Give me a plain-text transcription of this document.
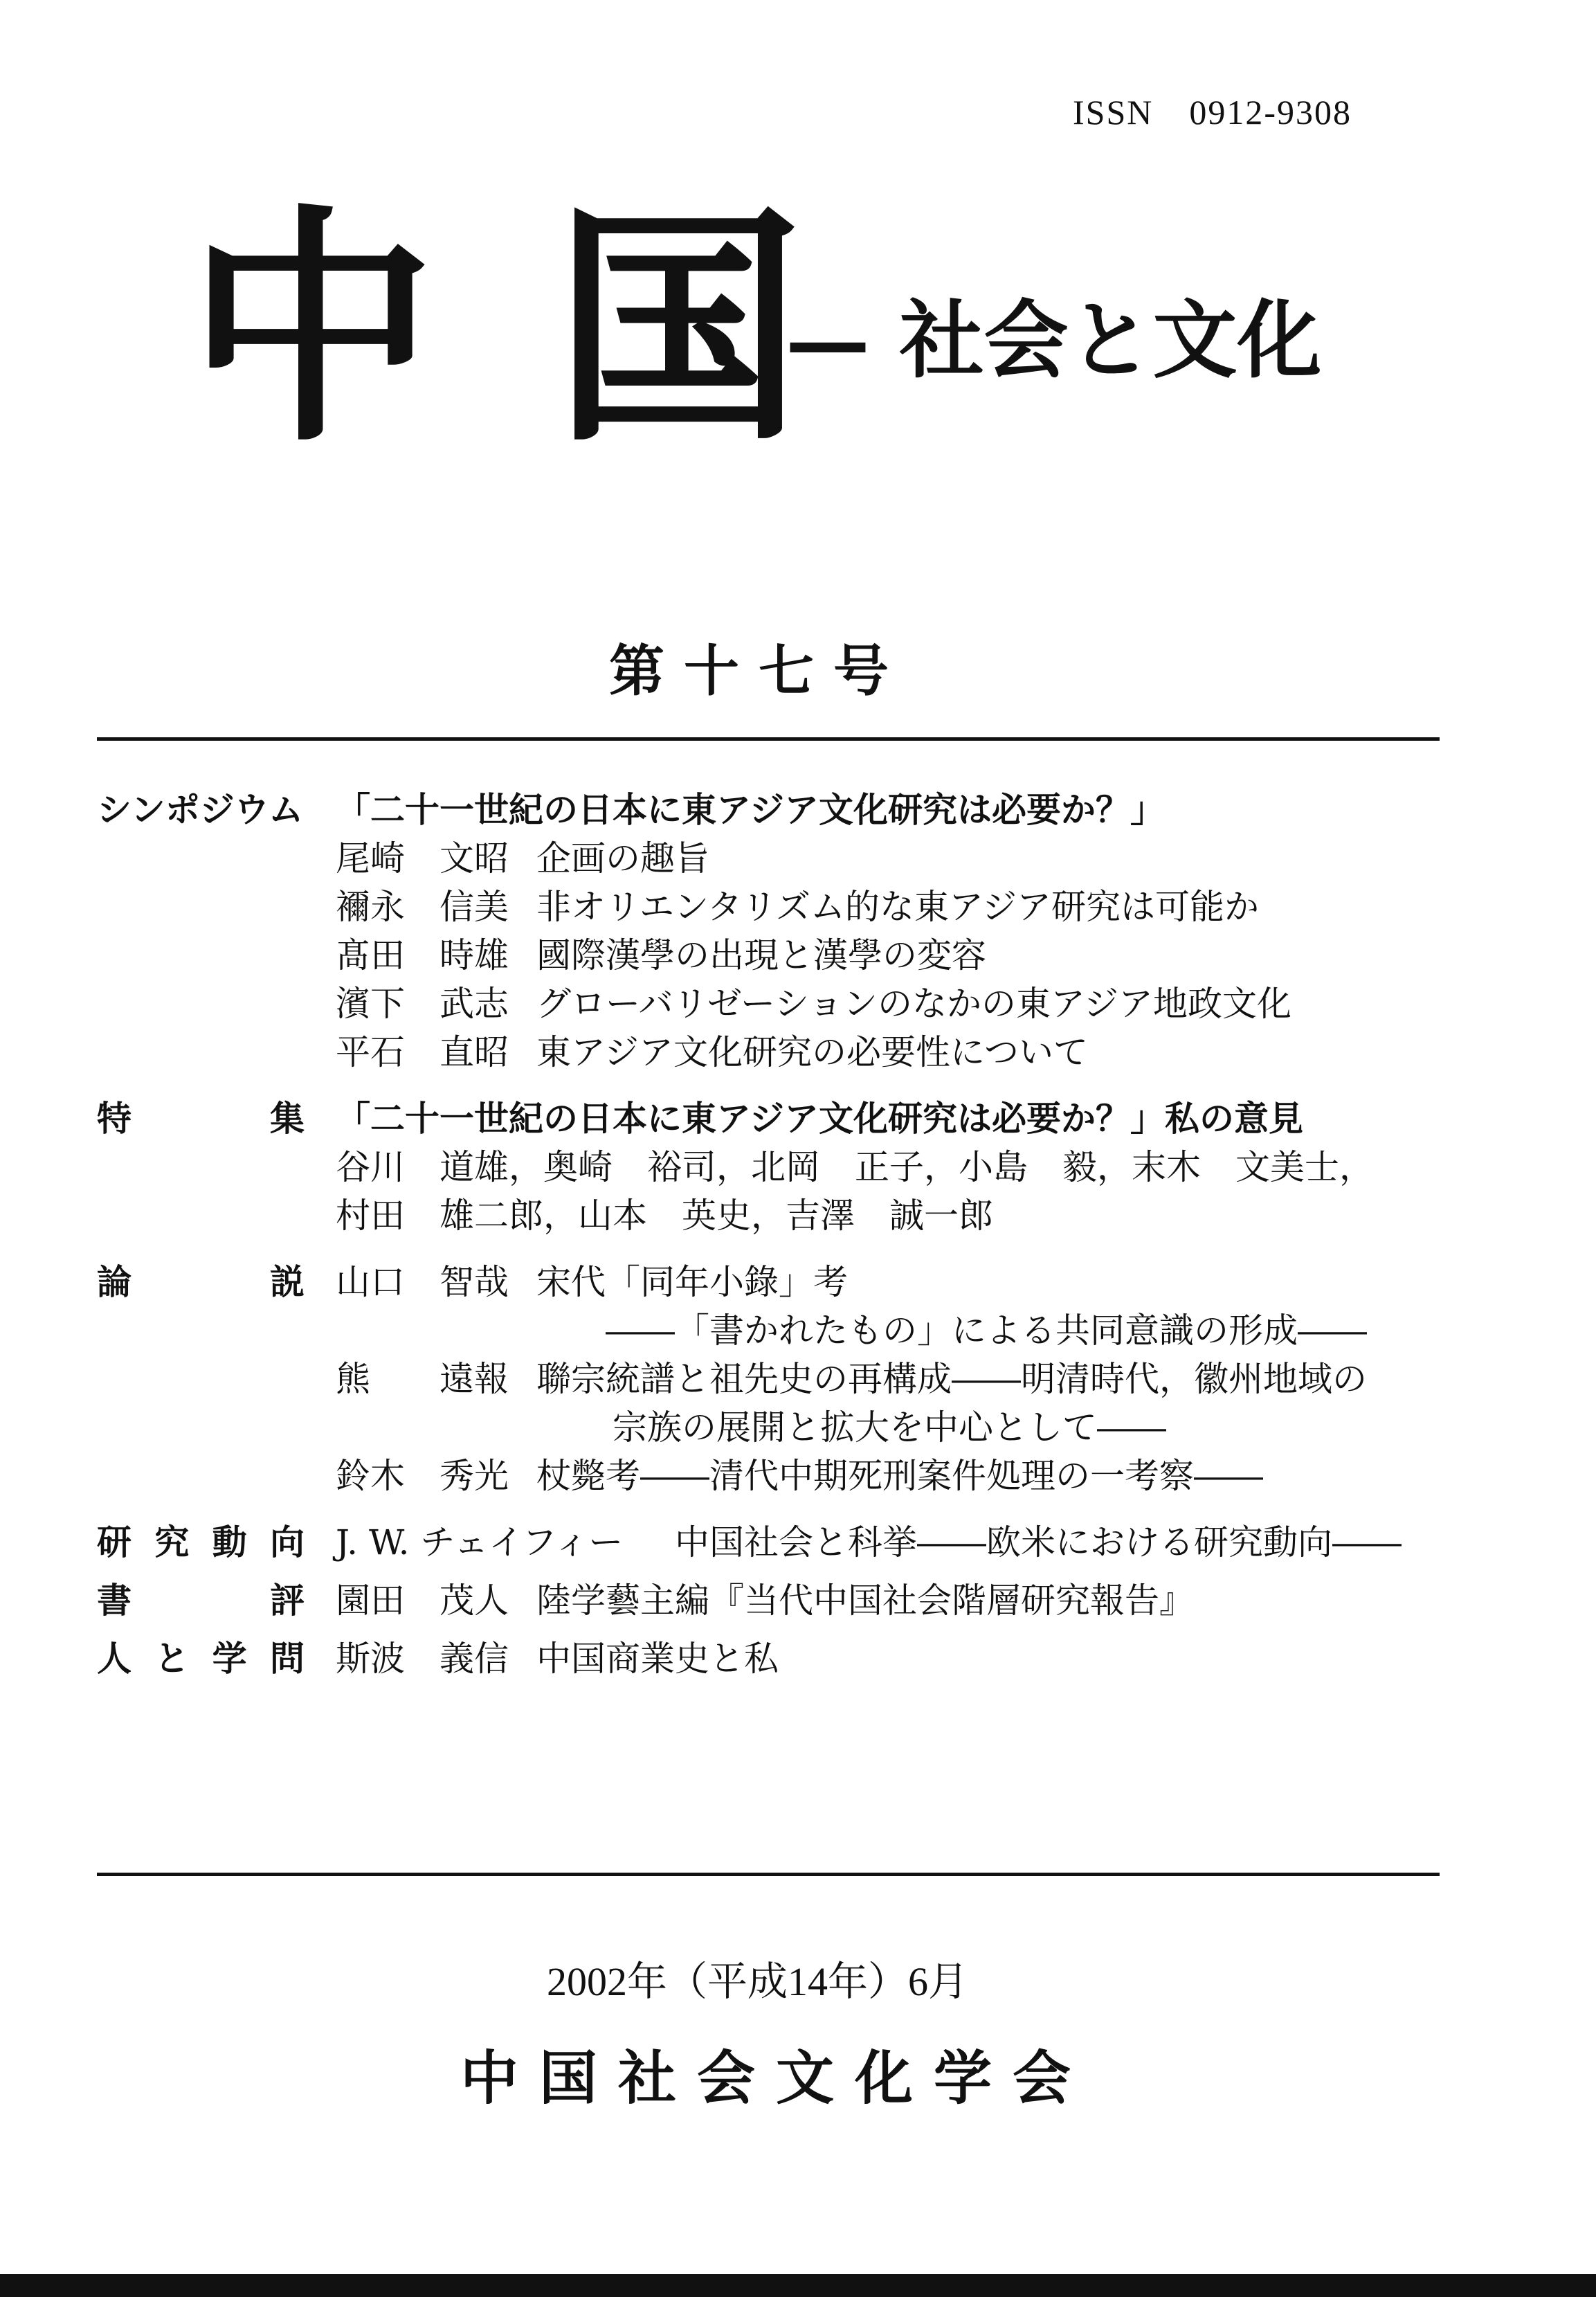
ISSN　0912-9308
中 国
— 社会と文化
第十七号
シンポジウム 「二十一世紀の日本に東アジア文化研究は必要か？」
尾崎　文昭 企画の趣旨
襧永　信美 非オリエンタリズム的な東アジア研究は可能か
髙田　時雄 國際漢學の出現と漢學の変容
濱下　武志 グローバリゼーションのなかの東アジア地政文化
平石　直昭 東アジア文化研究の必要性について
特	集 「二十一世紀の日本に東アジア文化研究は必要か？」私の意見
谷川　道雄，奥崎　裕司，北岡　正子，小島　毅，末木　文美士，
村田　雄二郎，山本　英史，吉澤　誠一郎
論	説 山口　智哉 宋代「同年小錄」考
――「書かれたもの」による共同意識の形成――
熊　　遠報 聯宗統譜と祖先史の再構成――明清時代，徽州地域の
宗族の展開と拡大を中心として――
鈴木　秀光 杖斃考――清代中期死刑案件処理の一考察――
研 究 動 向 J. W. チェイフィー 中国社会と科挙――欧米における研究動向――
書	評 園田　茂人 陸学藝主編『当代中国社会階層研究報告』
人 と 学 問 斯波　義信 中国商業史と私
2002年（平成14年）6月
中国社会文化学会
